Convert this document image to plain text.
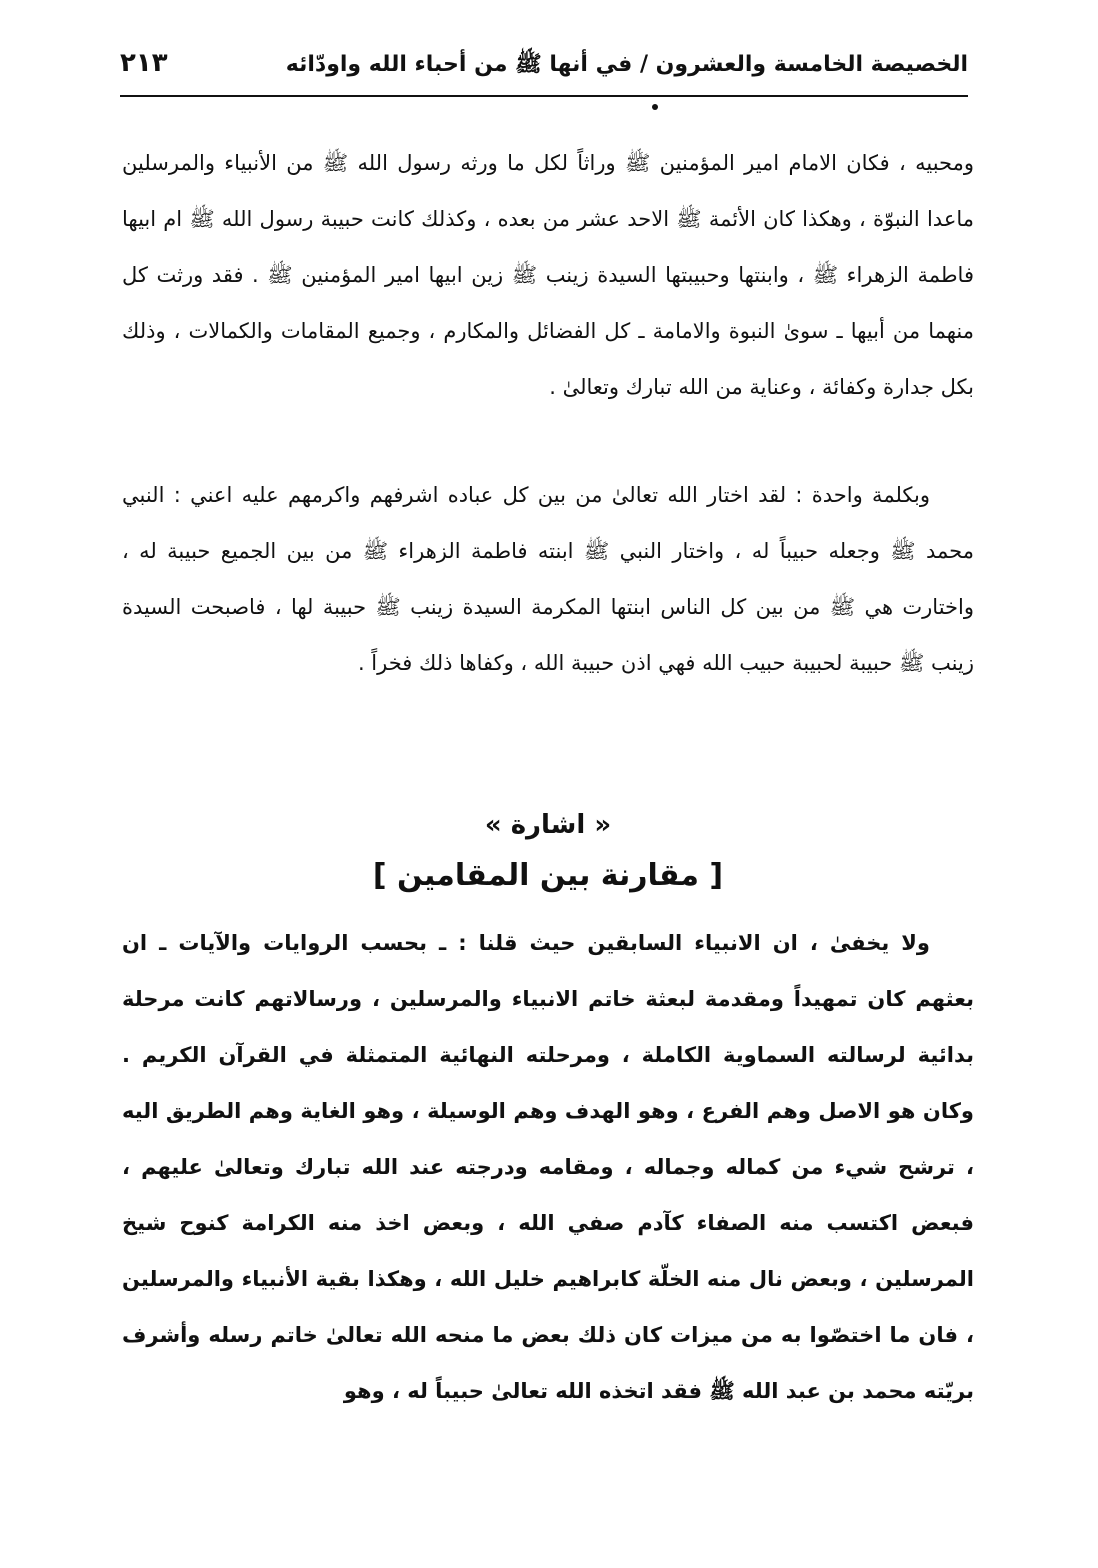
الخصيصة الخامسة والعشرون / في أنها ﷺ من أحباء الله واودّائه
٢١٣

ومحبيه ، فكان الامام امير المؤمنين ﷺ وراثاً لكل ما ورثه رسول الله ﷺ من الأنبياء والمرسلين ماعدا النبوّة ، وهكذا كان الأئمة ﷺ الاحد عشر من بعده ، وكذلك كانت حبيبة رسول الله ﷺ ام ابيها فاطمة الزهراء ﷺ ، وابنتها وحبيبتها السيدة زينب ﷺ زين ابيها امير المؤمنين ﷺ . فقد ورثت كل منهما من أبيها ـ سوىٰ النبوة والامامة ـ كل الفضائل والمكارم ، وجميع المقامات والكمالات ، وذلك بكل جدارة وكفائة ، وعناية من الله تبارك وتعالىٰ .

وبكلمة واحدة : لقد اختار الله تعالىٰ من بين كل عباده اشرفهم واكرمهم عليه اعني : النبي محمد ﷺ وجعله حبيباً له ، واختار النبي ﷺ ابنته فاطمة الزهراء ﷺ من بين الجميع حبيبة له ، واختارت هي ﷺ من بين كل الناس ابنتها المكرمة السيدة زينب ﷺ حبيبة لها ، فاصبحت السيدة زينب ﷺ حبيبة لحبيبة حبيب الله فهي اذن حبيبة الله ، وكفاها ذلك فخراً .

« اشارة »
[ مقارنة بين المقامين ]

ولا يخفىٰ ، ان الانبياء السابقين حيث قلنا : ـ بحسب الروايات والآيات ـ ان بعثهم كان تمهيداً ومقدمة لبعثة خاتم الانبياء والمرسلين ، ورسالاتهم كانت مرحلة بدائية لرسالته السماوية الكاملة ، ومرحلته النهائية المتمثلة في القرآن الكريم . وكان هو الاصل وهم الفرع ، وهو الهدف وهم الوسيلة ، وهو الغاية وهم الطريق اليه ، ترشح شيء من كماله وجماله ، ومقامه ودرجته عند الله تبارك وتعالىٰ عليهم ، فبعض اكتسب منه الصفاء كآدم صفي الله ، وبعض اخذ منه الكرامة كنوح شيخ المرسلين ، وبعض نال منه الخلّة كابراهيم خليل الله ، وهكذا بقية الأنبياء والمرسلين ، فان ما اختصّوا به من ميزات كان ذلك بعض ما منحه الله تعالىٰ خاتم رسله وأشرف بريّته محمد بن عبد الله ﷺ فقد اتخذه الله تعالىٰ حبيباً له ، وهو
